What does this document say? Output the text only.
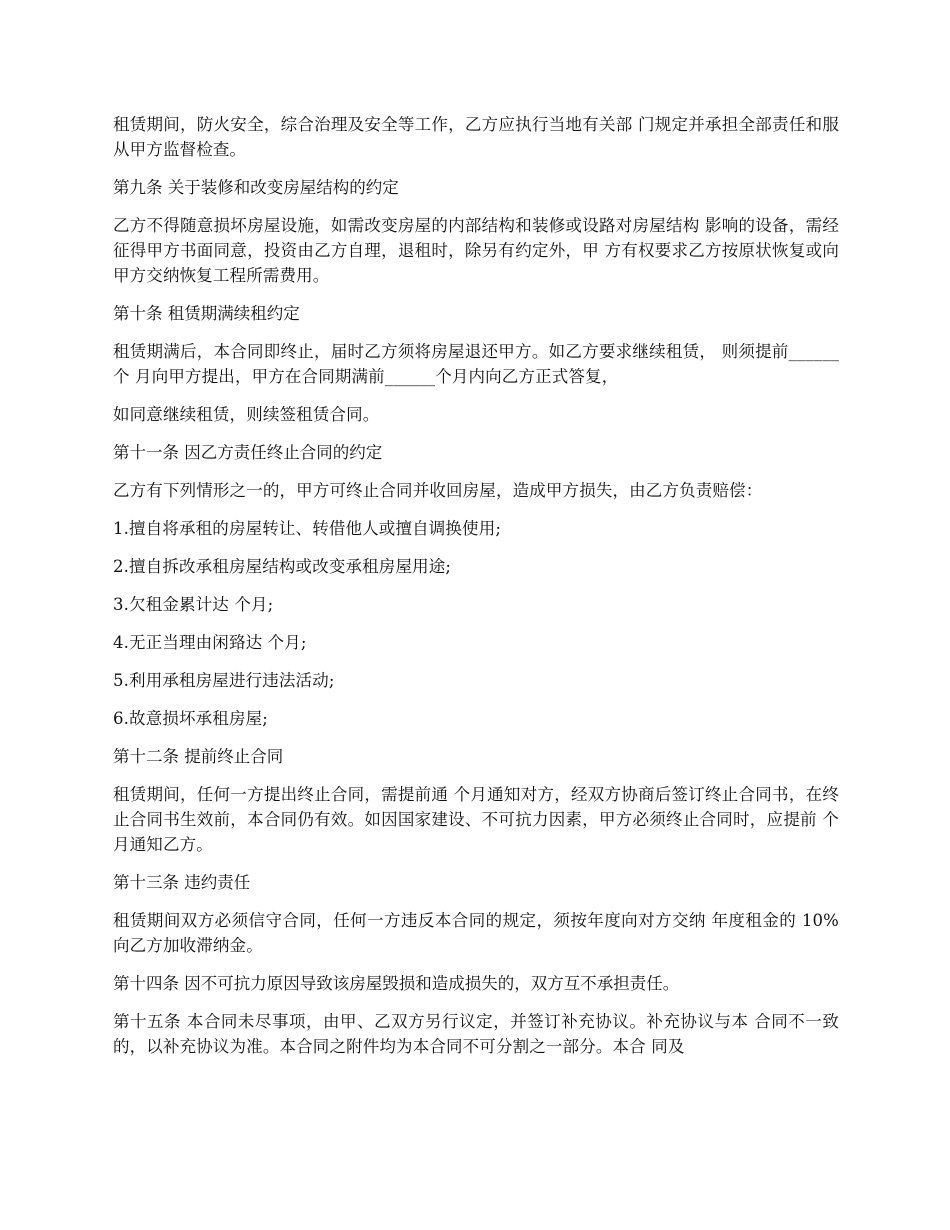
租赁期间，防火安全，综合治理及安全等工作，乙方应执行当地有关部 门规定并承担全部责任和服从甲方监督检查。

第九条 关于装修和改变房屋结构的约定

乙方不得随意损坏房屋设施，如需改变房屋的内部结构和装修或设路对房屋结构 影响的设备，需经征得甲方书面同意，投资由乙方自理，退租时，除另有约定外，甲 方有权要求乙方按原状恢复或向甲方交纳恢复工程所需费用。

第十条 租赁期满续租约定

租赁期满后，本合同即终止，届时乙方须将房屋退还甲方。如乙方要求继续租赁， 则须提前______个 月向甲方提出，甲方在合同期满前______个月内向乙方正式答复，

如同意继续租赁，则续签租赁合同。

第十一条 因乙方责任终止合同的约定

乙方有下列情形之一的，甲方可终止合同并收回房屋，造成甲方损失，由乙方负责赔偿：

1.擅自将承租的房屋转让、转借他人或擅自调换使用;

2.擅自拆改承租房屋结构或改变承租房屋用途;

3.欠租金累计达 个月;

4.无正当理由闲臵达 个月;

5.利用承租房屋进行违法活动;

6.故意损坏承租房屋;

第十二条 提前终止合同

租赁期间，任何一方提出终止合同，需提前通 个月通知对方，经双方协商后签订终止合同书，在终止合同书生效前，本合同仍有效。如因国家建设、不可抗力因素，甲方必须终止合同时，应提前 个月通知乙方。

第十三条 违约责任

租赁期间双方必须信守合同，任何一方违反本合同的规定，须按年度向对方交纳 年度租金的 10%向乙方加收滞纳金。

第十四条 因不可抗力原因导致该房屋毁损和造成损失的，双方互不承担责任。

第十五条 本合同未尽事项，由甲、乙双方另行议定，并签订补充协议。补充协议与本 合同不一致的，以补充协议为准。本合同之附件均为本合同不可分割之一部分。本合 同及
